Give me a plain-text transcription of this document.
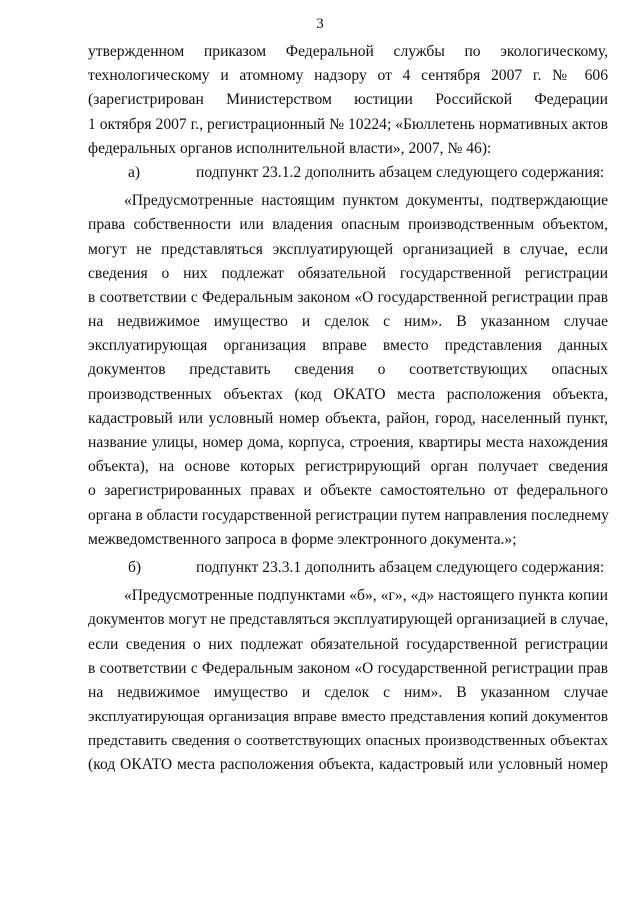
3
утвержденном приказом Федеральной службы по экологическому,
технологическому и атомному надзору от 4 сентября 2007 г. № 606
(зарегистрирован Министерством юстиции Российской Федерации
1 октября 2007 г., регистрационный № 10224; «Бюллетень нормативных актов
федеральных органов исполнительной власти», 2007, № 46):
а)	подпункт 23.1.2 дополнить абзацем следующего содержания:
«Предусмотренные настоящим пунктом документы, подтверждающие
права собственности или владения опасным производственным объектом,
могут не представляться эксплуатирующей организацией в случае, если
сведения о них подлежат обязательной государственной регистрации
в соответствии с Федеральным законом «О государственной регистрации прав
на недвижимое имущество и сделок с ним». В указанном случае
эксплуатирующая организация вправе вместо представления данных
документов представить сведения о соответствующих опасных
производственных объектах (код ОКАТО места расположения объекта,
кадастровый или условный номер объекта, район, город, населенный пункт,
название улицы, номер дома, корпуса, строения, квартиры места нахождения
объекта), на основе которых регистрирующий орган получает сведения
о зарегистрированных правах и объекте самостоятельно от федерального
органа в области государственной регистрации путем направления последнему
межведомственного запроса в форме электронного документа.»;
б)	подпункт 23.3.1 дополнить абзацем следующего содержания:
«Предусмотренные подпунктами «б», «г», «д» настоящего пункта копии
документов могут не представляться эксплуатирующей организацией в случае,
если сведения о них подлежат обязательной государственной регистрации
в соответствии с Федеральным законом «О государственной регистрации прав
на недвижимое имущество и сделок с ним». В указанном случае
эксплуатирующая организация вправе вместо представления копий документов
представить сведения о соответствующих опасных производственных объектах
(код ОКАТО места расположения объекта, кадастровый или условный номер
